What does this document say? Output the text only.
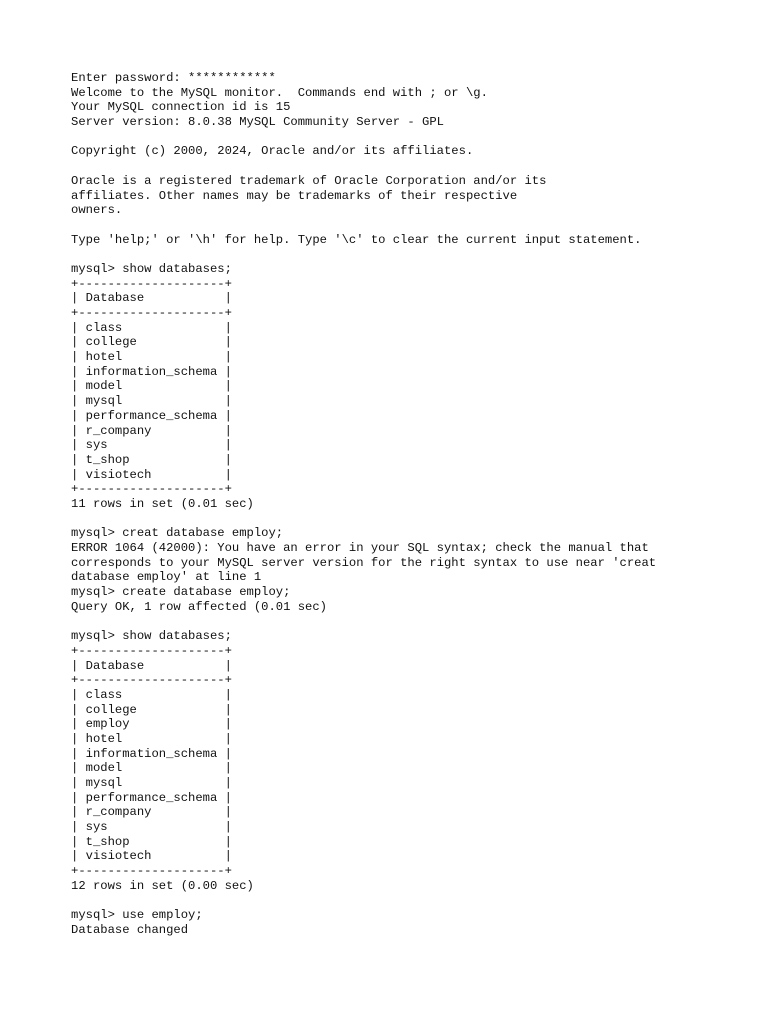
Enter password: ************
Welcome to the MySQL monitor.  Commands end with ; or \g.
Your MySQL connection id is 15
Server version: 8.0.38 MySQL Community Server - GPL
Copyright (c) 2000, 2024, Oracle and/or its affiliates.
Oracle is a registered trademark of Oracle Corporation and/or its
affiliates. Other names may be trademarks of their respective
owners.
Type 'help;' or '\h' for help. Type '\c' to clear the current input statement.
mysql> show databases;
+--------------------+
| Database           |
+--------------------+
| class              |
| college            |
| hotel              |
| information_schema |
| model              |
| mysql              |
| performance_schema |
| r_company          |
| sys                |
| t_shop             |
| visiotech          |
+--------------------+
11 rows in set (0.01 sec)
mysql> creat database employ;
ERROR 1064 (42000): You have an error in your SQL syntax; check the manual that
corresponds to your MySQL server version for the right syntax to use near 'creat
database employ' at line 1
mysql> create database employ;
Query OK, 1 row affected (0.01 sec)
mysql> show databases;
+--------------------+
| Database           |
+--------------------+
| class              |
| college            |
| employ             |
| hotel              |
| information_schema |
| model              |
| mysql              |
| performance_schema |
| r_company          |
| sys                |
| t_shop             |
| visiotech          |
+--------------------+
12 rows in set (0.00 sec)
mysql> use employ;
Database changed
